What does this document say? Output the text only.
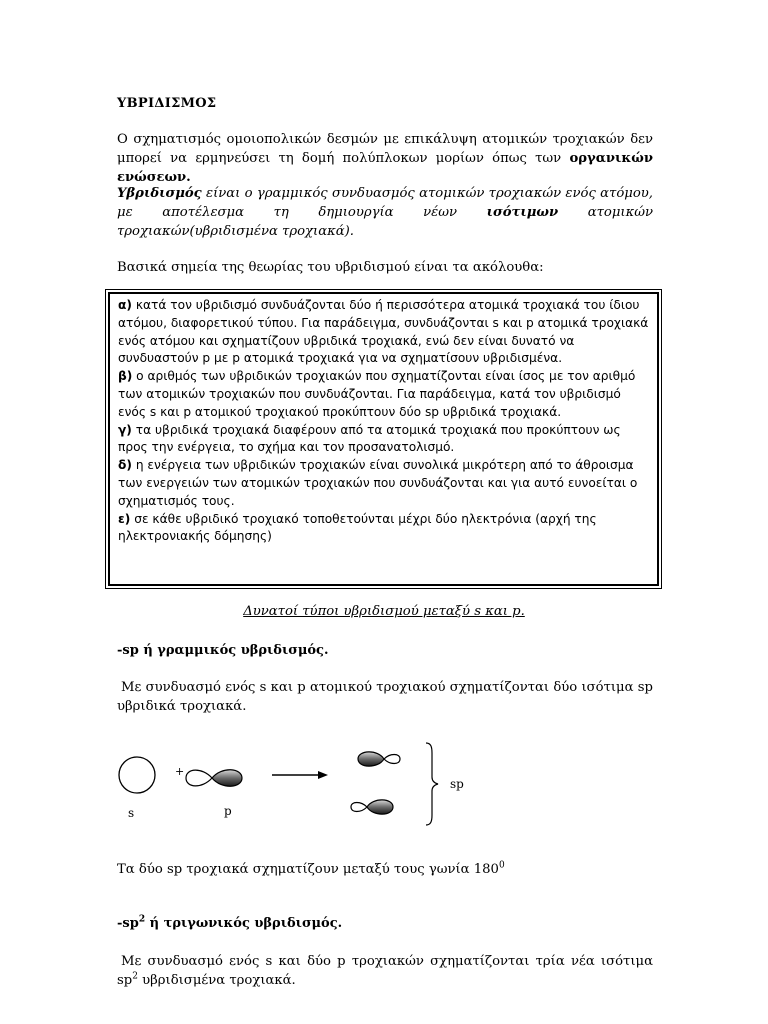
ΥΒΡΙΔΙΣΜΟΣ
Ο σχηματισμός ομοιοπολικών δεσμών με επικάλυψη ατομικών τροχιακών δεν μπορεί να ερμηνεύσει τη δομή πολύπλοκων μορίων όπως των οργανικών ενώσεων.
Υβριδισμός είναι ο γραμμικός συνδυασμός ατομικών τροχιακών ενός ατόμου, με αποτέλεσμα τη δημιουργία νέων ισότιμων ατομικών τροχιακών(υβριδισμένα τροχιακά).
Βασικά σημεία της θεωρίας του υβριδισμού είναι τα ακόλουθα:

α) κατά τον υβριδισμό συνδυάζονται δύο ή περισσότερα ατομικά τροχιακά του ίδιου ατόμου, διαφορετικού τύπου. Για παράδειγμα, συνδυάζονται s και p ατομικά τροχιακά ενός ατόμου και σχηματίζουν υβριδικά τροχιακά, ενώ δεν είναι δυνατό να συνδυαστούν p με p ατομικά τροχιακά για να σχηματίσουν υβριδισμένα.

β) ο αριθμός των υβριδικών τροχιακών που σχηματίζονται είναι ίσος με τον αριθμό των ατομικών τροχιακών που συνδυάζονται. Για παράδειγμα, κατά τον υβριδισμό ενός s και p ατομικού τροχιακού προκύπτουν δύο sp υβριδικά τροχιακά.

γ) τα υβριδικά τροχιακά διαφέρουν από τα ατομικά τροχιακά που προκύπτουν ως προς την ενέργεια, το σχήμα και τον προσανατολισμό.

δ) η ενέργεια των υβριδικών τροχιακών είναι συνολικά μικρότερη από το άθροισμα των ενεργειών των ατομικών τροχιακών που συνδυάζονται και για αυτό ευνοείται ο σχηματισμός τους.

ε) σε κάθε υβριδικό τροχιακό τοποθετούνται μέχρι δύο ηλεκτρόνια (αρχή της ηλεκτρονιακής δόμησης)

Δυνατοί τύποι υβριδισμού μεταξύ s και p.
-sp ή γραμμικός υβριδισμός.
Με συνδυασμό ενός s και p ατομικού τροχιακού σχηματίζονται δύο ισότιμα sp υβριδικά τροχιακά.
s
+
p
sp
Τα δύο sp τροχιακά σχηματίζουν μεταξύ τους γωνία $180^0$
$-sp^2$ ή τριγωνικός υβριδισμός.
Με συνδυασμό ενός s και δύο p τροχιακών σχηματίζονται τρία νέα ισότιμα $sp^2$ υβριδισμένα τροχιακά.
